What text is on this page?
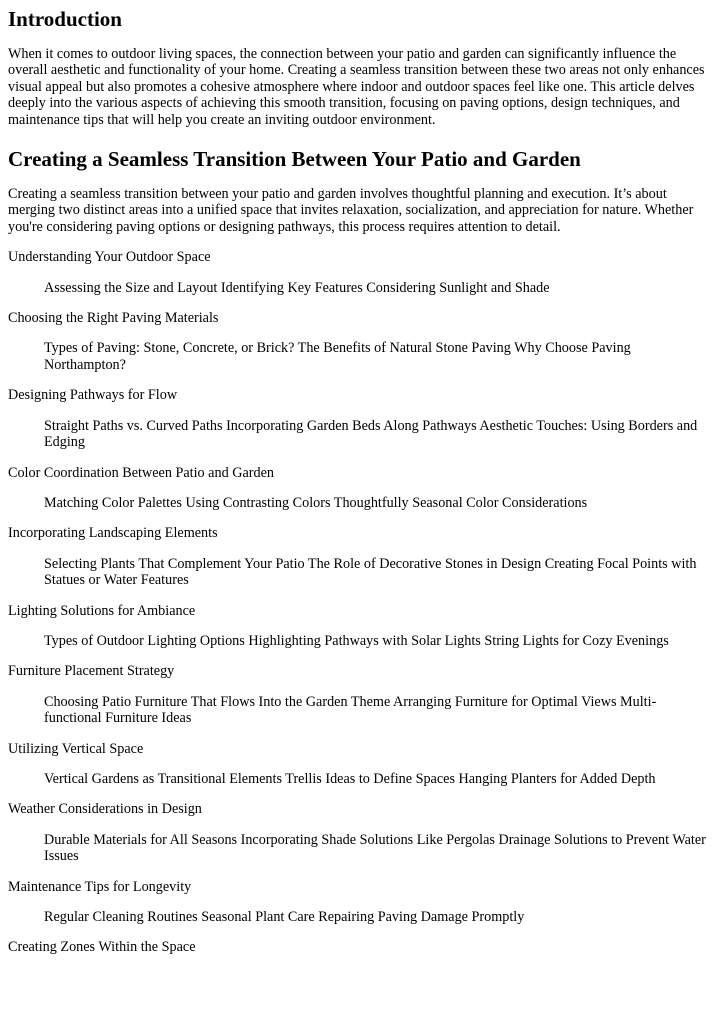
Introduction

When it comes to outdoor living spaces, the connection between your patio and garden can significantly influence the overall aesthetic and functionality of your home. Creating a seamless transition between these two areas not only enhances visual appeal but also promotes a cohesive atmosphere where indoor and outdoor spaces feel like one. This article delves deeply into the various aspects of achieving this smooth transition, focusing on paving options, design techniques, and maintenance tips that will help you create an inviting outdoor environment.

Creating a Seamless Transition Between Your Patio and Garden

Creating a seamless transition between your patio and garden involves thoughtful planning and execution. It’s about merging two distinct areas into a unified space that invites relaxation, socialization, and appreciation for nature. Whether you're considering paving options or designing pathways, this process requires attention to detail.

Understanding Your Outdoor Space

Assessing the Size and Layout Identifying Key Features Considering Sunlight and Shade

Choosing the Right Paving Materials

Types of Paving: Stone, Concrete, or Brick? The Benefits of Natural Stone Paving Why Choose Paving Northampton?

Designing Pathways for Flow

Straight Paths vs. Curved Paths Incorporating Garden Beds Along Pathways Aesthetic Touches: Using Borders and Edging

Color Coordination Between Patio and Garden

Matching Color Palettes Using Contrasting Colors Thoughtfully Seasonal Color Considerations

Incorporating Landscaping Elements

Selecting Plants That Complement Your Patio The Role of Decorative Stones in Design Creating Focal Points with Statues or Water Features

Lighting Solutions for Ambiance

Types of Outdoor Lighting Options Highlighting Pathways with Solar Lights String Lights for Cozy Evenings

Furniture Placement Strategy

Choosing Patio Furniture That Flows Into the Garden Theme Arranging Furniture for Optimal Views Multi-functional Furniture Ideas

Utilizing Vertical Space

Vertical Gardens as Transitional Elements Trellis Ideas to Define Spaces Hanging Planters for Added Depth

Weather Considerations in Design

Durable Materials for All Seasons Incorporating Shade Solutions Like Pergolas Drainage Solutions to Prevent Water Issues

Maintenance Tips for Longevity

Regular Cleaning Routines Seasonal Plant Care Repairing Paving Damage Promptly

Creating Zones Within the Space
